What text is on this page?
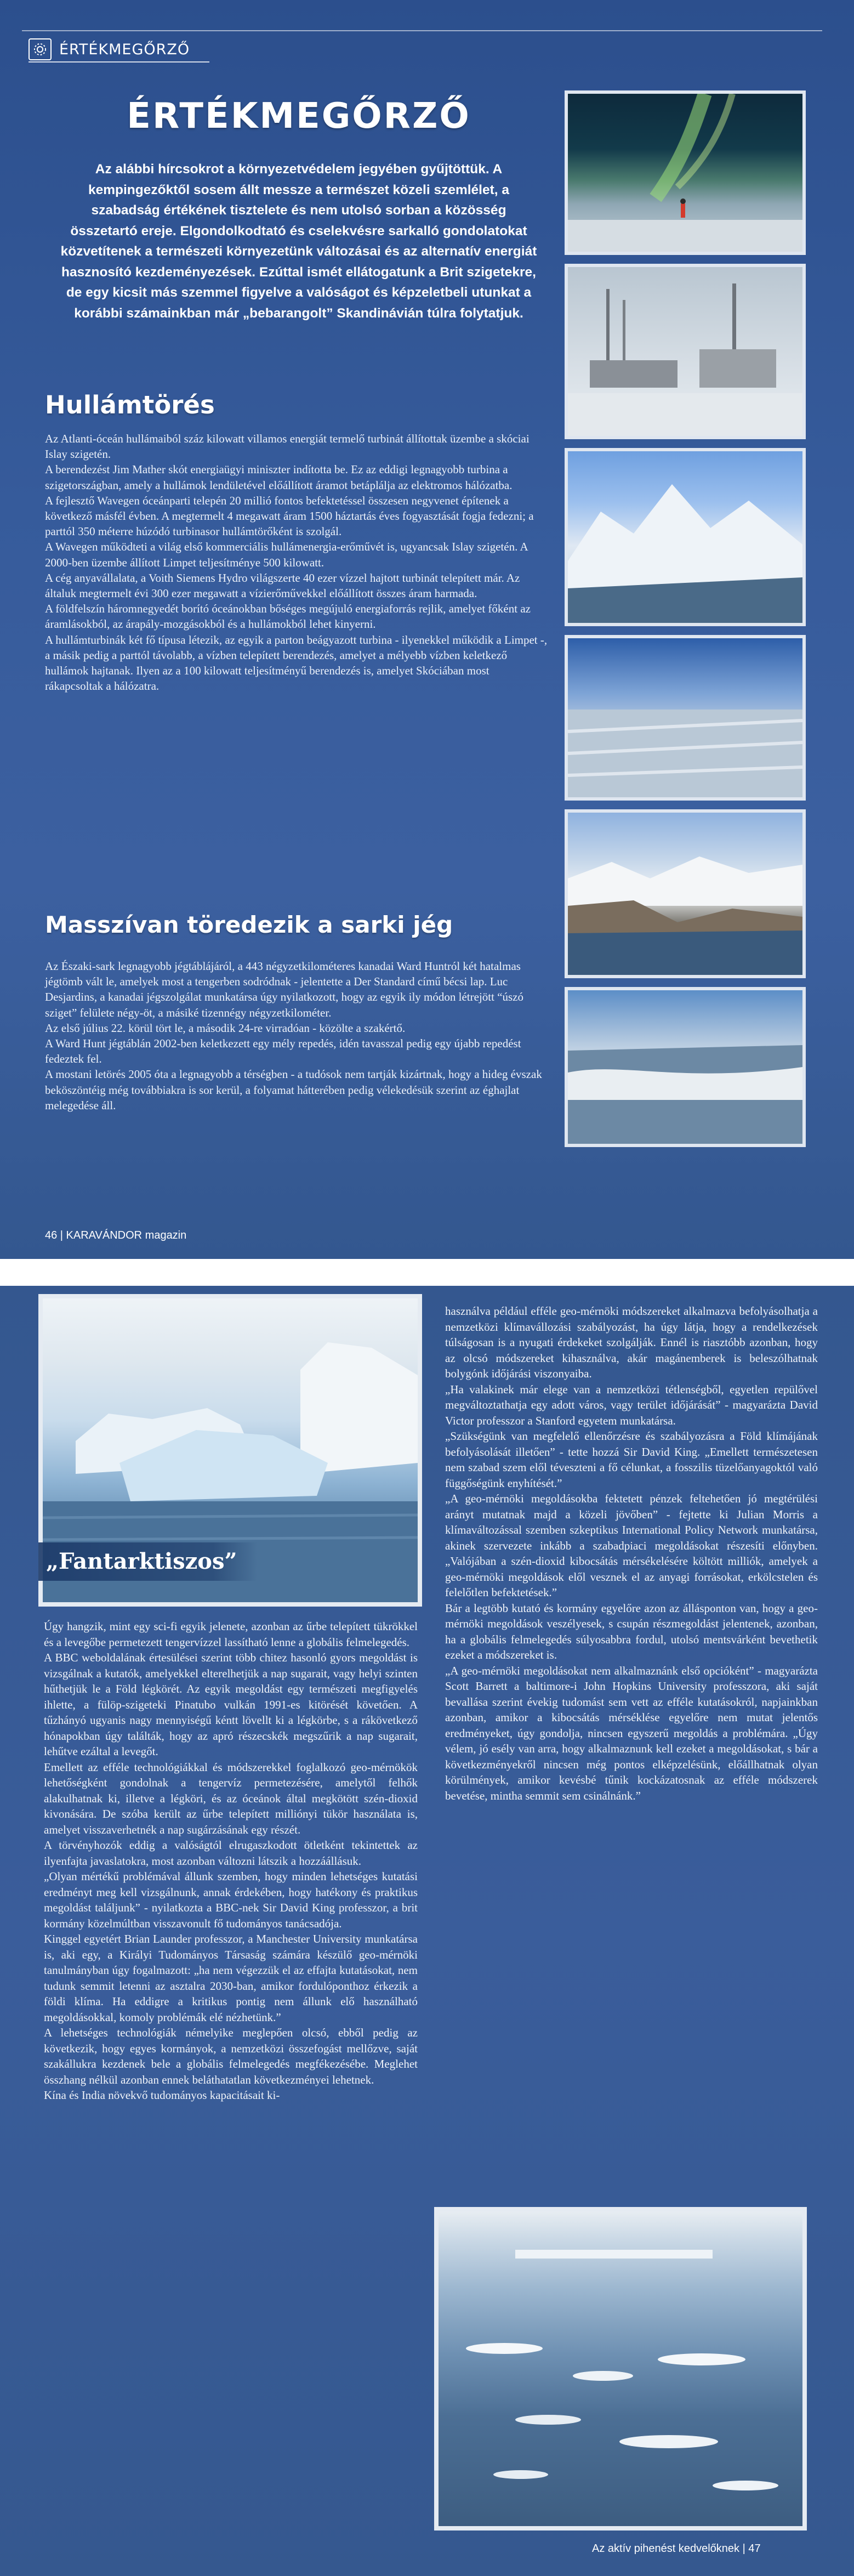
ÉRTÉKMEGŐRZŐ
ÉRTÉKMEGŐRZŐ

Az alábbi hírcsokrot a környezetvédelem jegyében gyűjtöttük. A kempingezőktől sosem állt messze a természet közeli szemlélet, a szabadság értékének tisztelete és nem utolsó sorban a közösség összetartó ereje. Elgondolkodtató és cselekvésre sarkalló gondolatokat közvetítenek a természeti környezetünk változásai és az alternatív energiát hasznosító kezdeményezések. Ezúttal ismét ellátogatunk a Brit szigetekre, de egy kicsit más szemmel figyelve a valóságot és képzeletbeli utunkat a korábbi számainkban már „bebarangolt” Skandinávián túlra folytatjuk.

Hullámtörés

Az Atlanti-óceán hullámaiból száz kilowatt villamos energiát termelő turbinát állítottak üzembe a skóciai Islay szigetén.

A berendezést Jim Mather skót energiaügyi miniszter indította be. Ez az eddigi legnagyobb turbina a szigetországban, amely a hullámok lendületével előállított áramot betáplálja az elektromos hálózatba.

A fejlesztő Wavegen óceánparti telepén 20 millió fontos befektetéssel összesen negyvenet építenek a következő másfél évben. A megtermelt 4 megawatt áram 1500 háztartás éves fogyasztását fogja fedezni; a parttól 350 méterre húzódó turbinasor hullámtörőként is szolgál.

A Wavegen működteti a világ első kommerciális hullámenergia-erőművét is, ugyancsak Islay szigetén. A 2000-ben üzembe állított Limpet teljesítménye 500 kilowatt.

A cég anyavállalata, a Voith Siemens Hydro világszerte 40 ezer vízzel hajtott turbinát telepített már. Az általuk megtermelt évi 300 ezer megawatt a vízierőművekkel előállított összes áram harmada.

A földfelszín háromnegyedét borító óceánokban bőséges megújuló energiaforrás rejlik, amelyet főként az áramlásokból, az árapály-mozgásokból és a hullámokból lehet kinyerni.

A hullámturbinák két fő típusa létezik, az egyik a parton beágyazott turbina - ilyenekkel működik a Limpet -, a másik pedig a parttól távolabb, a vízben telepített berendezés, amelyet a mélyebb vízben keletkező hullámok hajtanak. Ilyen az a 100 kilowatt teljesítményű berendezés is, amelyet Skóciában most rákapcsoltak a hálózatra.

Masszívan töredezik a sarki jég

Az Északi-sark legnagyobb jégtáblájáról, a 443 négyzetkilométeres kanadai Ward Huntról két hatalmas jégtömb vált le, amelyek most a tengerben sodródnak - jelentette a Der Standard című bécsi lap. Luc Desjardins, a kanadai jégszolgálat munkatársa úgy nyilatkozott, hogy az egyik ily módon létrejött “úszó sziget” felülete négy-öt, a másiké tizennégy négyzetkilométer.

Az első július 22. körül tört le, a második 24-re virradóan - közölte a szakértő.

A Ward Hunt jégtáblán 2002-ben keletkezett egy mély repedés, idén tavasszal pedig egy újabb repedést fedeztek fel.

A mostani letörés 2005 óta a legnagyobb a térségben - a tudósok nem tartják kizártnak, hogy a hideg évszak beköszöntéig még továbbiakra is sor kerül, a folyamat hátterében pedig vélekedésük szerint az éghajlat melegedése áll.

46 | KARAVÁNDOR magazin
„Fantarktiszos”

Úgy hangzik, mint egy sci-fi egyik jelenete, azonban az űrbe telepített tükrökkel és a levegőbe permetezett tengervízzel lassítható lenne a globális felmelegedés.

A BBC weboldalának értesülései szerint több chitez hasonló gyors megoldást is vizsgálnak a kutatók, amelyekkel elterelhetjük a nap sugarait, vagy helyi szinten hűthetjük le a Föld légkörét. Az egyik megoldást egy természeti megfigyelés ihlette, a fülöp-szigeteki Pinatubo vulkán 1991-es kitörését követően. A tűzhányó ugyanis nagy mennyiségű kéntt lövellt ki a légkörbe, s a rákövetkező hónapokban úgy találták, hogy az apró részecskék megszűrik a nap sugarait, lehűtve ezáltal a levegőt.

Emellett az efféle technológiákkal és módszerekkel foglalkozó geo-mérnökök lehetőségként gondolnak a tengervíz permetezésére, amelytől felhők alakulhatnak ki, illetve a légköri, és az óceánok által megkötött szén-dioxid kivonására. De szóba került az űrbe telepített milliónyi tükör használata is, amelyet visszaverhetnék a nap sugárzásának egy részét.

A törvényhozók eddig a valóságtól elrugaszkodott ötletként tekintettek az ilyenfajta javaslatokra, most azonban változni látszik a hozzáállásuk.

„Olyan mértékű problémával állunk szemben, hogy minden lehetséges kutatási eredményt meg kell vizsgálnunk, annak érdekében, hogy hatékony és praktikus megoldást találjunk” - nyilatkozta a BBC-nek Sir David King professzor, a brit kormány közelmúltban visszavonult fő tudományos tanácsadója.

Kinggel egyetért Brian Launder professzor, a Manchester University munkatársa is, aki egy, a Királyi Tudományos Társaság számára készülő geo-mérnöki tanulmányban úgy fogalmazott: „ha nem végezzük el az effajta kutatásokat, nem tudunk semmit letenni az asztalra 2030-ban, amikor fordulóponthoz érkezik a földi klíma. Ha eddigre a kritikus pontig nem állunk elő használható megoldásokkal, komoly problémák elé nézhetünk.”

A lehetséges technológiák némelyike meglepően olcsó, ebből pedig az következik, hogy egyes kormányok, a nemzetközi összefogást mellőzve, saját szakállukra kezdenek bele a globális felmelegedés megfékezésébe. Meglehet összhang nélkül azonban ennek beláthatatlan következményei lehetnek.

Kína és India növekvő tudományos kapacitásait ki-

használva például efféle geo-mérnöki módszereket alkalmazva befolyásolhatja a nemzetközi klímavállozási szabályozást, ha úgy látja, hogy a rendelkezések túlságosan is a nyugati érdekeket szolgálják. Ennél is riasztóbb azonban, hogy az olcsó módszereket kihasználva, akár magánemberek is beleszólhatnak bolygónk időjárási viszonyaiba.

„Ha valakinek már elege van a nemzetközi tétlenségből, egyetlen repülővel megváltoztathatja egy adott város, vagy terület időjárását” - magyarázta David Victor professzor a Stanford egyetem munkatársa.

„Szükségünk van megfelelő ellenőrzésre és szabályozásra a Föld klímájának befolyásolását illetően” - tette hozzá Sir David King. „Emellett természetesen nem szabad szem elől téveszteni a fő célunkat, a fosszilis tüzelőanyagoktól való függőségünk enyhítését.”

„A geo-mérnöki megoldásokba fektetett pénzek feltehetően jó megtérülési arányt mutatnak majd a közeli jövőben” - fejtette ki Julian Morris a klímaváltozással szemben szkeptikus International Policy Network munkatársa, akinek szervezete inkább a szabadpiaci megoldásokat részesíti előnyben. „Valójában a szén-dioxid kibocsátás mérsékelésére költött milliók, amelyek a geo-mérnöki megoldások elől vesznek el az anyagi forrásokat, erkölcstelen és felelőtlen befektetések.”

Bár a legtöbb kutató és kormány egyelőre azon az állásponton van, hogy a geo-mérnöki megoldások veszélyesek, s csupán részmegoldást jelentenek, azonban, ha a globális felmelegedés súlyosabbra fordul, utolsó mentsvárként bevethetik ezeket a módszereket is.

„A geo-mérnöki megoldásokat nem alkalmaznánk első opcióként” - magyarázta Scott Barrett a baltimore-i John Hopkins University professzora, aki saját bevallása szerint évekig tudomást sem vett az efféle kutatásokról, napjainkban azonban, amikor a kibocsátás mérséklése egyelőre nem mutat jelentős eredményeket, úgy gondolja, nincsen egyszerű megoldás a problémára. „Úgy vélem, jó esély van arra, hogy alkalmaznunk kell ezeket a megoldásokat, s bár a következményekről nincsen még pontos elképzelésünk, előállhatnak olyan körülmények, amikor kevésbé tűnik kockázatosnak az efféle módszerek bevetése, mintha semmit sem csinálnánk.”

Az aktív pihenést kedvelőknek | 47
